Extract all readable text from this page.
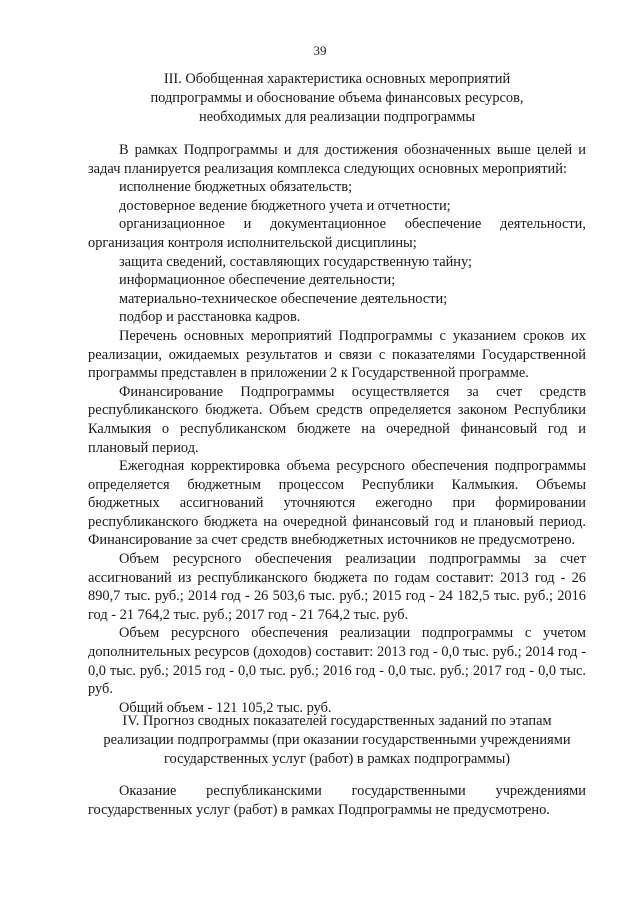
39
III. Обобщенная характеристика основных мероприятий
подпрограммы и обоснование объема финансовых ресурсов,
необходимых для реализации подпрограммы

В рамках Подпрограммы и для достижения обозначенных выше целей и задач планируется реализация комплекса следующих основных мероприятий:

исполнение бюджетных обязательств;

достоверное ведение бюджетного учета и отчетности;

организационное и документационное обеспечение деятельности, организация контроля исполнительской дисциплины;

защита сведений, составляющих государственную тайну;

информационное обеспечение деятельности;

материально-техническое обеспечение деятельности;

подбор и расстановка кадров.

Перечень основных мероприятий Подпрограммы с указанием сроков их реализации, ожидаемых результатов и связи с показателями Государственной программы представлен в приложении 2 к Государственной программе.

Финансирование Подпрограммы осуществляется за счет средств республиканского бюджета. Объем средств определяется законом Республики Калмыкия о республиканском бюджете на очередной финансовый год и плановый период.

Ежегодная корректировка объема ресурсного обеспечения подпрограммы определяется бюджетным процессом Республики Калмыкия. Объемы бюджетных ассигнований уточняются ежегодно при формировании республиканского бюджета на очередной финансовый год и плановый период. Финансирование за счет средств внебюджетных источников не предусмотрено.

Объем ресурсного обеспечения реализации подпрограммы за счет ассигнований из республиканского бюджета по годам составит: 2013 год - 26 890,7 тыс. руб.; 2014 год - 26 503,6 тыс. руб.; 2015 год - 24 182,5 тыс. руб.; 2016 год - 21 764,2 тыс. руб.; 2017 год - 21 764,2 тыс. руб.

Объем ресурсного обеспечения реализации подпрограммы с учетом дополнительных ресурсов (доходов) составит: 2013 год - 0,0 тыс. руб.; 2014 год - 0,0 тыс. руб.; 2015 год - 0,0 тыс. руб.; 2016 год - 0,0 тыс. руб.; 2017 год - 0,0 тыс. руб.

Общий объем - 121 105,2 тыс. руб.

IV. Прогноз сводных показателей государственных заданий по этапам
реализации подпрограммы (при оказании государственными учреждениями
государственных услуг (работ) в рамках подпрограммы)

Оказание республиканскими государственными учреждениями государственных услуг (работ) в рамках Подпрограммы не предусмотрено.
